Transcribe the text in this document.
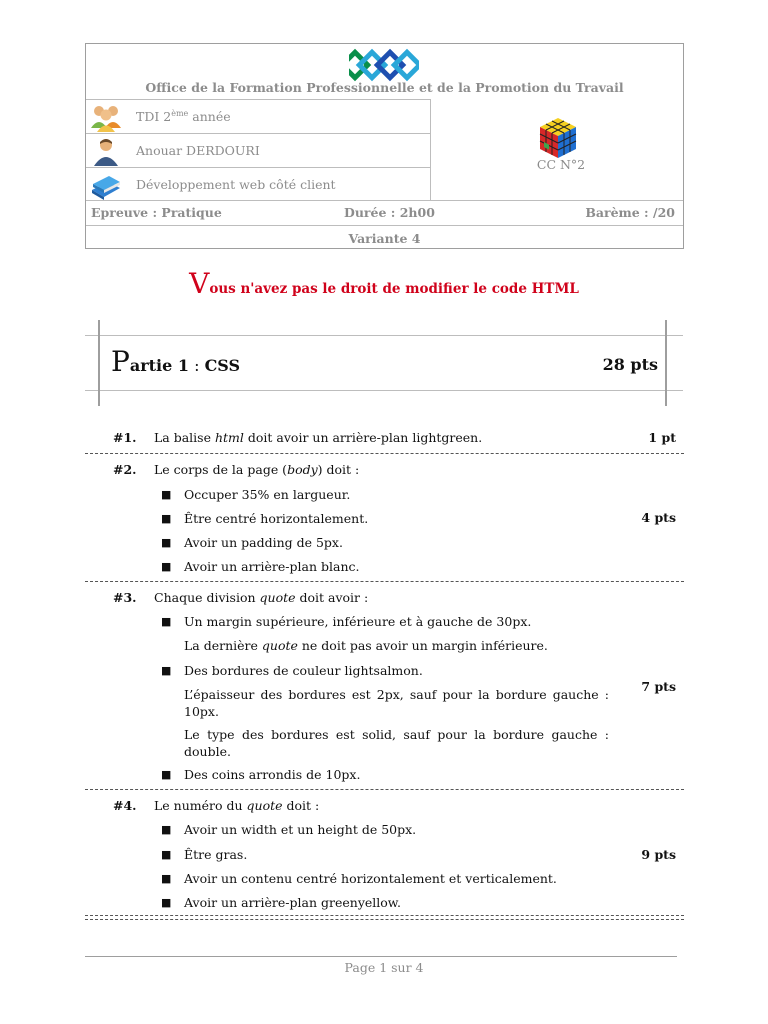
Office de la Formation Professionnelle et de la Promotion du Travail
TDI 2ème année
Anouar DERDOURI
Développement web côté client
CC N°2
Epreuve : Pratique	Durée : 2h00	Barème : /20
Variante 4
Vous n'avez pas le droit de modifier le code HTML
Partie 1 : CSS	28 pts
#1. La balise html doit avoir un arrière-plan lightgreen.	1 pt
#2. Le corps de la page (body) doit :
■ Occuper 35% en largueur.
■ Être centré horizontalement.
■ Avoir un padding de 5px.
■ Avoir un arrière-plan blanc.
4 pts
#3. Chaque division quote doit avoir :
■ Un margin supérieure, inférieure et à gauche de 30px.
La dernière quote ne doit pas avoir un margin inférieure.
■ Des bordures de couleur lightsalmon.
L’épaisseur des bordures est 2px, sauf pour la bordure gauche : 10px.
Le type des bordures est solid, sauf pour la bordure gauche : double.
■ Des coins arrondis de 10px.
7 pts
#4. Le numéro du quote doit :
■ Avoir un width et un height de 50px.
■ Être gras.
■ Avoir un contenu centré horizontalement et verticalement.
■ Avoir un arrière-plan greenyellow.
9 pts
Page 1 sur 4
